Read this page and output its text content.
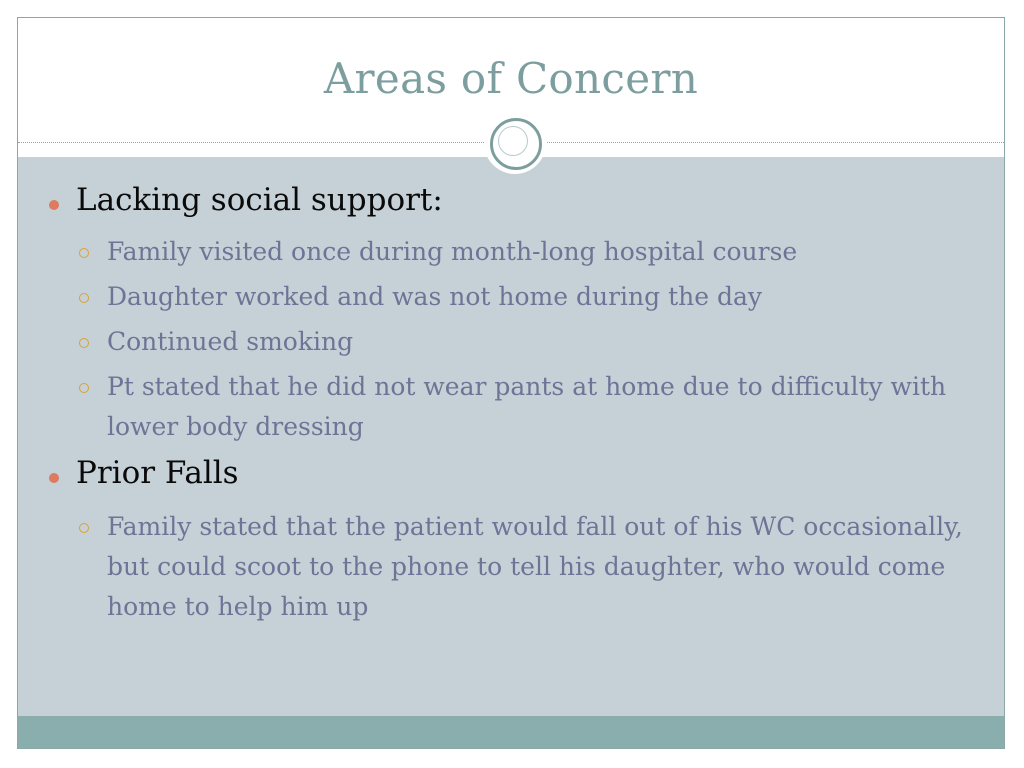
Areas of Concern
Lacking social support:
Family visited once during month-long hospital course
Daughter worked and was not home during the day
Continued smoking
Pt stated that he did not wear pants at home due to difficulty with lower body dressing
Prior Falls
Family stated that the patient would fall out of his WC occasionally, but could scoot to the phone to tell his daughter, who would come home to help him up
